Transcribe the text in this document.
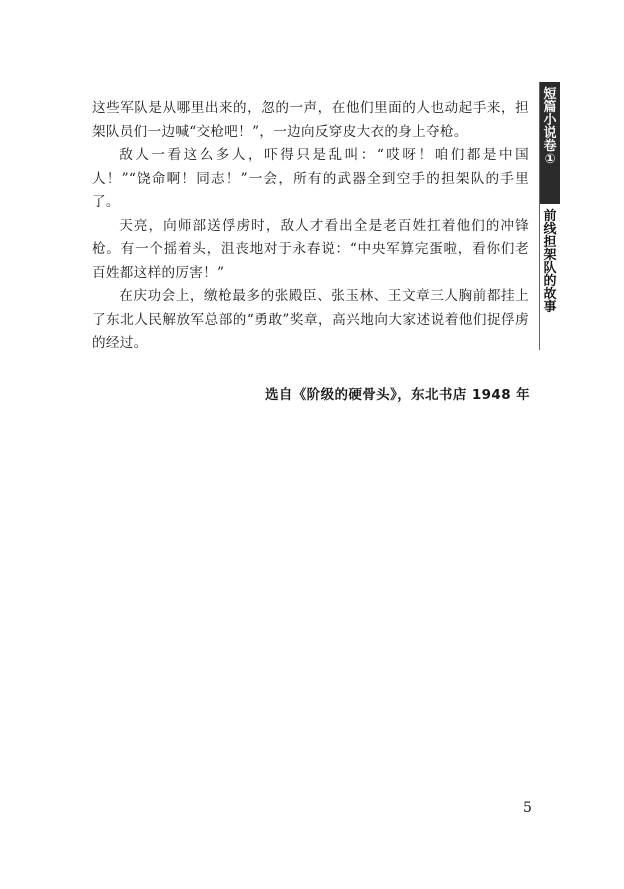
短篇小说卷①
前线担架队的故事

这些军队是从哪里出来的，忽的一声，在他们里面的人也动起手来，担架队员们一边喊“交枪吧！”，一边向反穿皮大衣的身上夺枪。

敌人一看这么多人，吓得只是乱叫：“哎呀！咱们都是中国人！”“饶命啊！同志！”一会，所有的武器全到空手的担架队的手里了。

天亮，向师部送俘虏时，敌人才看出全是老百姓扛着他们的冲锋枪。有一个摇着头，沮丧地对于永春说：“中央军算完蛋啦，看你们老百姓都这样的厉害！”

在庆功会上，缴枪最多的张殿臣、张玉林、王文章三人胸前都挂上了东北人民解放军总部的“勇敢”奖章，高兴地向大家述说着他们捉俘虏的经过。

选自《阶级的硬骨头》，东北书店 1948 年
5
